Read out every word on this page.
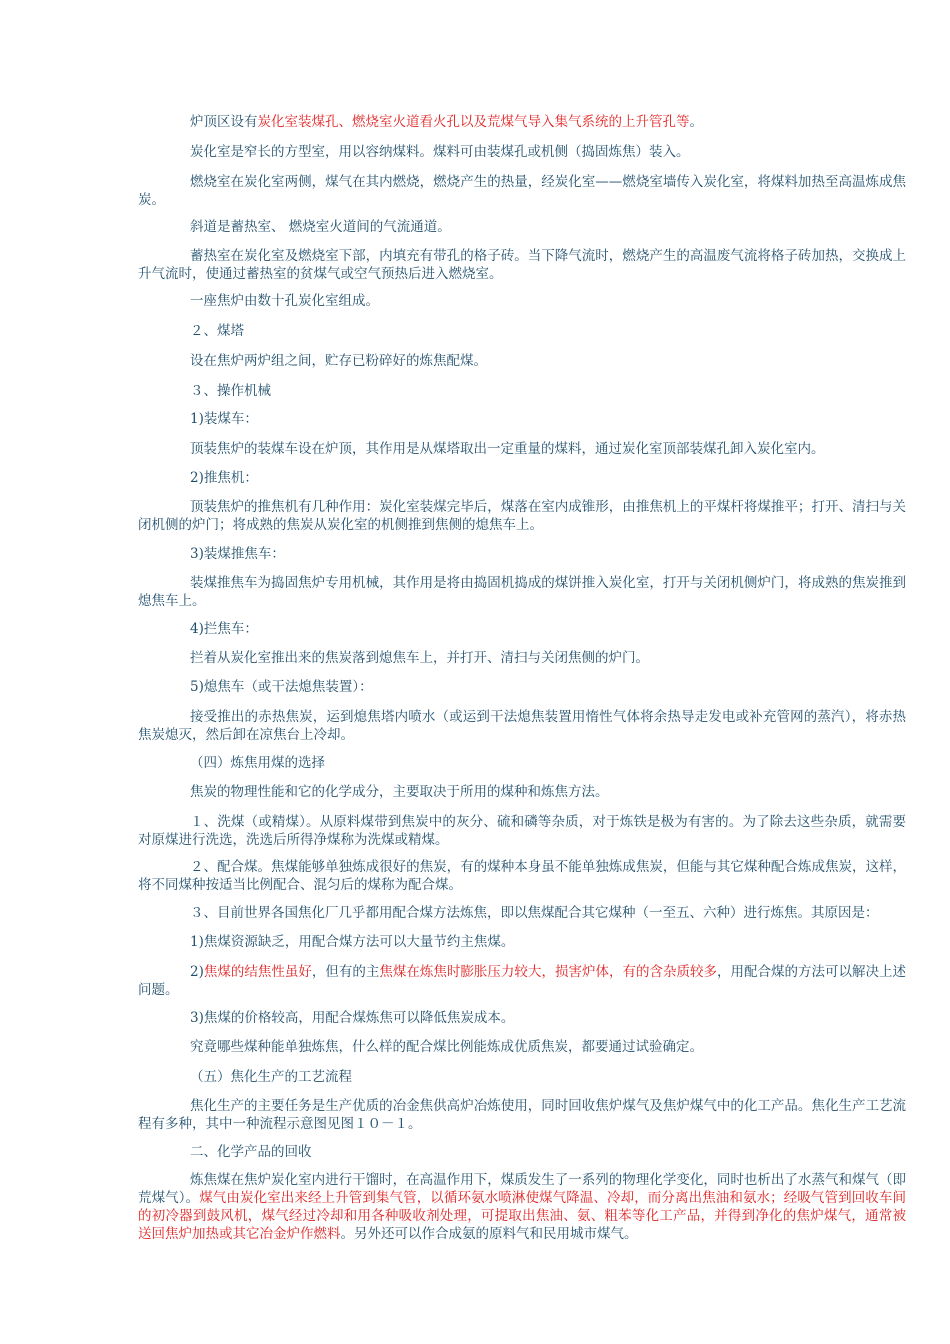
炉顶区设有炭化室装煤孔、燃烧室火道看火孔以及荒煤气导入集气系统的上升管孔等。

炭化室是窄长的方型室，用以容纳煤料。煤料可由装煤孔或机侧（捣固炼焦）装入。

燃烧室在炭化室两侧，煤气在其内燃烧，燃烧产生的热量，经炭化室——燃烧室墙传入炭化室，将煤料加热至高温炼成焦炭。

斜道是蓄热室、 燃烧室火道间的气流通道。

蓄热室在炭化室及燃烧室下部，内填充有带孔的格子砖。当下降气流时，燃烧产生的高温废气流将格子砖加热，交换成上升气流时，使通过蓄热室的贫煤气或空气预热后进入燃烧室。

一座焦炉由数十孔炭化室组成。

２、煤塔

设在焦炉两炉组之间，贮存已粉碎好的炼焦配煤。

３、操作机械

1)装煤车：

顶装焦炉的装煤车设在炉顶，其作用是从煤塔取出一定重量的煤料，通过炭化室顶部装煤孔卸入炭化室内。

2)推焦机：

顶装焦炉的推焦机有几种作用：炭化室装煤完毕后，煤落在室内成锥形，由推焦机上的平煤杆将煤推平；打开、清扫与关闭机侧的炉门；将成熟的焦炭从炭化室的机侧推到焦侧的熄焦车上。

3)装煤推焦车：

装煤推焦车为捣固焦炉专用机械，其作用是将由捣固机捣成的煤饼推入炭化室，打开与关闭机侧炉门，将成熟的焦炭推到熄焦车上。

4)拦焦车：

拦着从炭化室推出来的焦炭落到熄焦车上，并打开、清扫与关闭焦侧的炉门。

5)熄焦车（或干法熄焦装置）：

接受推出的赤热焦炭，运到熄焦塔内喷水（或运到干法熄焦装置用惰性气体将余热导走发电或补充管网的蒸汽），将赤热焦炭熄灭，然后卸在凉焦台上冷却。

（四）炼焦用煤的选择

焦炭的物理性能和它的化学成分，主要取决于所用的煤种和炼焦方法。

１、洗煤（或精煤）。从原料煤带到焦炭中的灰分、硫和磷等杂质，对于炼铁是极为有害的。为了除去这些杂质，就需要对原煤进行洗选，洗选后所得净煤称为洗煤或精煤。

２、配合煤。焦煤能够单独炼成很好的焦炭，有的煤种本身虽不能单独炼成焦炭，但能与其它煤种配合炼成焦炭，这样，将不同煤种按适当比例配合、混匀后的煤称为配合煤。

３、目前世界各国焦化厂几乎都用配合煤方法炼焦，即以焦煤配合其它煤种（一至五、六种）进行炼焦。其原因是：

1)焦煤资源缺乏，用配合煤方法可以大量节约主焦煤。

2)焦煤的结焦性虽好，但有的主焦煤在炼焦时膨胀压力较大，损害炉体，有的含杂质较多，用配合煤的方法可以解决上述问题。

3)焦煤的价格较高，用配合煤炼焦可以降低焦炭成本。

究竟哪些煤种能单独炼焦，什么样的配合煤比例能炼成优质焦炭，都要通过试验确定。

（五）焦化生产的工艺流程

焦化生产的主要任务是生产优质的冶金焦供高炉冶炼使用，同时回收焦炉煤气及焦炉煤气中的化工产品。焦化生产工艺流程有多种，其中一种流程示意图见图１０－１。

二、化学产品的回收

炼焦煤在焦炉炭化室内进行干馏时，在高温作用下，煤质发生了一系列的物理化学变化，同时也析出了水蒸气和煤气（即荒煤气）。煤气由炭化室出来经上升管到集气管，以循环氨水喷淋使煤气降温、冷却，而分离出焦油和氨水；经吸气管到回收车间的初冷器到鼓风机，煤气经过冷却和用各种吸收剂处理，可提取出焦油、氨、粗苯等化工产品，并得到净化的焦炉煤气，通常被送回焦炉加热或其它冶金炉作燃料。另外还可以作合成氨的原料气和民用城市煤气。
